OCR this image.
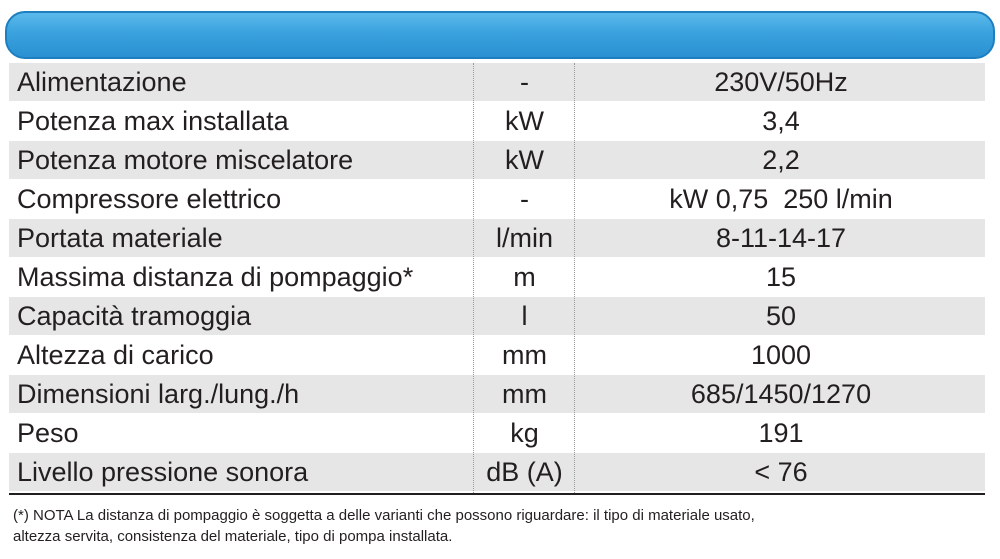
Alimentazione	-	230V/50Hz
Potenza max installata	kW	3,4
Potenza motore miscelatore	kW	2,2
Compressore elettrico	-	kW 0,75  250 l/min
Portata materiale	l/min	8-11-14-17
Massima distanza di pompaggio*	m	15
Capacità tramoggia	l	50
Altezza di carico	mm	1000
Dimensioni larg./lung./h	mm	685/1450/1270
Peso	kg	191
Livello pressione sonora	dB (A)	< 76
(*) NOTA La distanza di pompaggio è soggetta a delle varianti che possono riguardare: il tipo di materiale usato,
altezza servita, consistenza del materiale, tipo di pompa installata.
